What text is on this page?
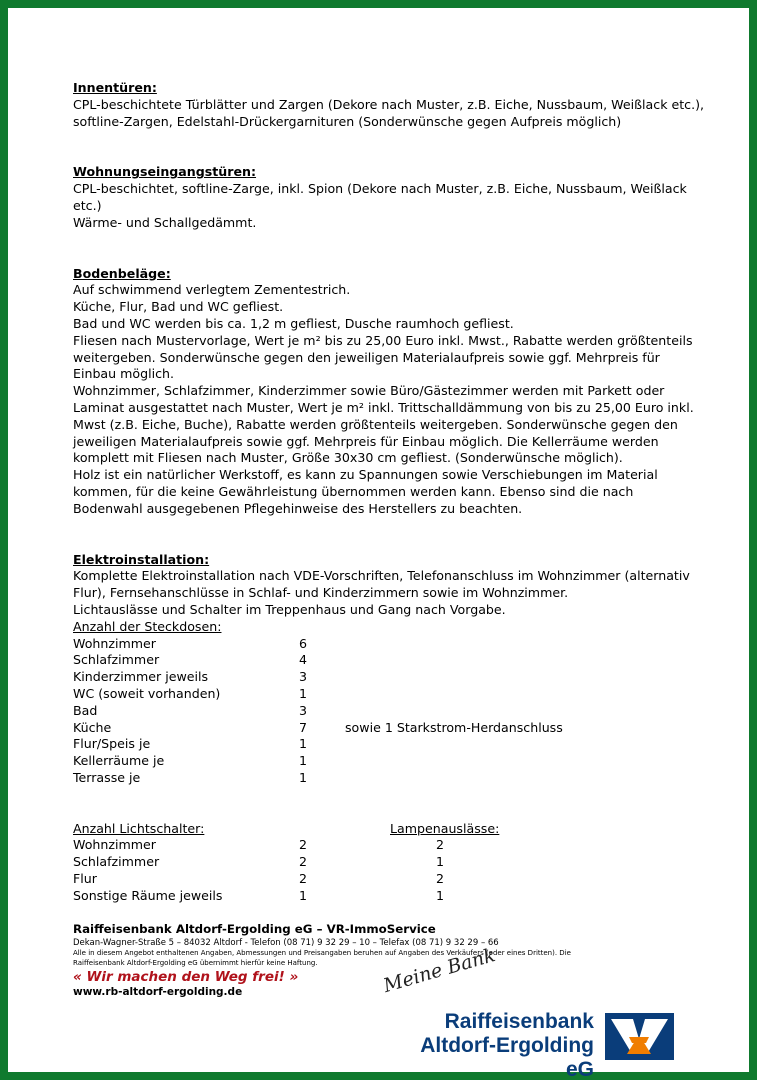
Innentüren:
CPL-beschichtete Türblätter und Zargen (Dekore nach Muster, z.B. Eiche, Nussbaum, Weißlack etc.),
softline-Zargen, Edelstahl-Drückergarnituren (Sonderwünsche gegen Aufpreis möglich)
Wohnungseingangstüren:
CPL-beschichtet, softline-Zarge, inkl. Spion (Dekore nach Muster, z.B. Eiche, Nussbaum, Weißlack etc.)
Wärme- und Schallgedämmt.
Bodenbeläge:
Auf schwimmend verlegtem Zementestrich.
Küche, Flur, Bad und WC gefliest.
Bad und WC werden bis ca. 1,2 m gefliest, Dusche raumhoch gefliest.
Fliesen nach Mustervorlage, Wert je m² bis zu 25,00 Euro inkl. Mwst., Rabatte werden größtenteils
weitergeben. Sonderwünsche gegen den jeweiligen Materialaufpreis sowie ggf. Mehrpreis für
Einbau möglich.
Wohnzimmer, Schlafzimmer, Kinderzimmer sowie Büro/Gästezimmer werden mit Parkett oder
Laminat ausgestattet nach Muster, Wert je m² inkl. Trittschalldämmung von bis zu 25,00 Euro inkl.
Mwst (z.B. Eiche, Buche), Rabatte werden größtenteils weitergeben. Sonderwünsche gegen den
jeweiligen Materialaufpreis sowie ggf. Mehrpreis für Einbau möglich. Die Kellerräume werden
komplett mit Fliesen nach Muster, Größe 30x30 cm gefliest. (Sonderwünsche möglich).
Holz ist ein natürlicher Werkstoff, es kann zu Spannungen sowie Verschiebungen im Material
kommen, für die keine Gewährleistung übernommen werden kann. Ebenso sind die nach
Bodenwahl ausgegebenen Pflegehinweise des Herstellers zu beachten.
Elektroinstallation:
Komplette Elektroinstallation nach VDE-Vorschriften, Telefonanschluss im Wohnzimmer (alternativ
Flur), Fernsehanschlüsse in Schlaf- und Kinderzimmern sowie im Wohnzimmer.
Lichtauslässe und Schalter im Treppenhaus und Gang nach Vorgabe.
Anzahl der Steckdosen:
Wohnzimmer	6
Schlafzimmer	4
Kinderzimmer jeweils	3
WC (soweit vorhanden)	1
Bad	3
Küche	7	sowie 1 Starkstrom-Herdanschluss
Flur/Speis je	1
Kellerräume je	1
Terrasse je	1
Anzahl Lichtschalter:	Lampenauslässe:
Wohnzimmer	2	2
Schlafzimmer	2	1
Flur	2	2
Sonstige Räume jeweils	1	1
Raiffeisenbank Altdorf-Ergolding eG – VR-ImmoService
Dekan-Wagner-Straße 5 – 84032 Altdorf - Telefon (08 71) 9 32 29 – 10 – Telefax (08 71) 9 32 29 – 66
Alle in diesem Angebot enthaltenen Angaben, Abmessungen und Preisangaben beruhen auf Angaben des Verkäufers (oder eines Dritten). Die
Raiffeisenbank Altdorf-Ergolding eG übernimmt hierfür keine Haftung.
« Wir machen den Weg frei! »
www.rb-altdorf-ergolding.de	Meine Bank
Raiffeisenbank
Altdorf-Ergolding eG
